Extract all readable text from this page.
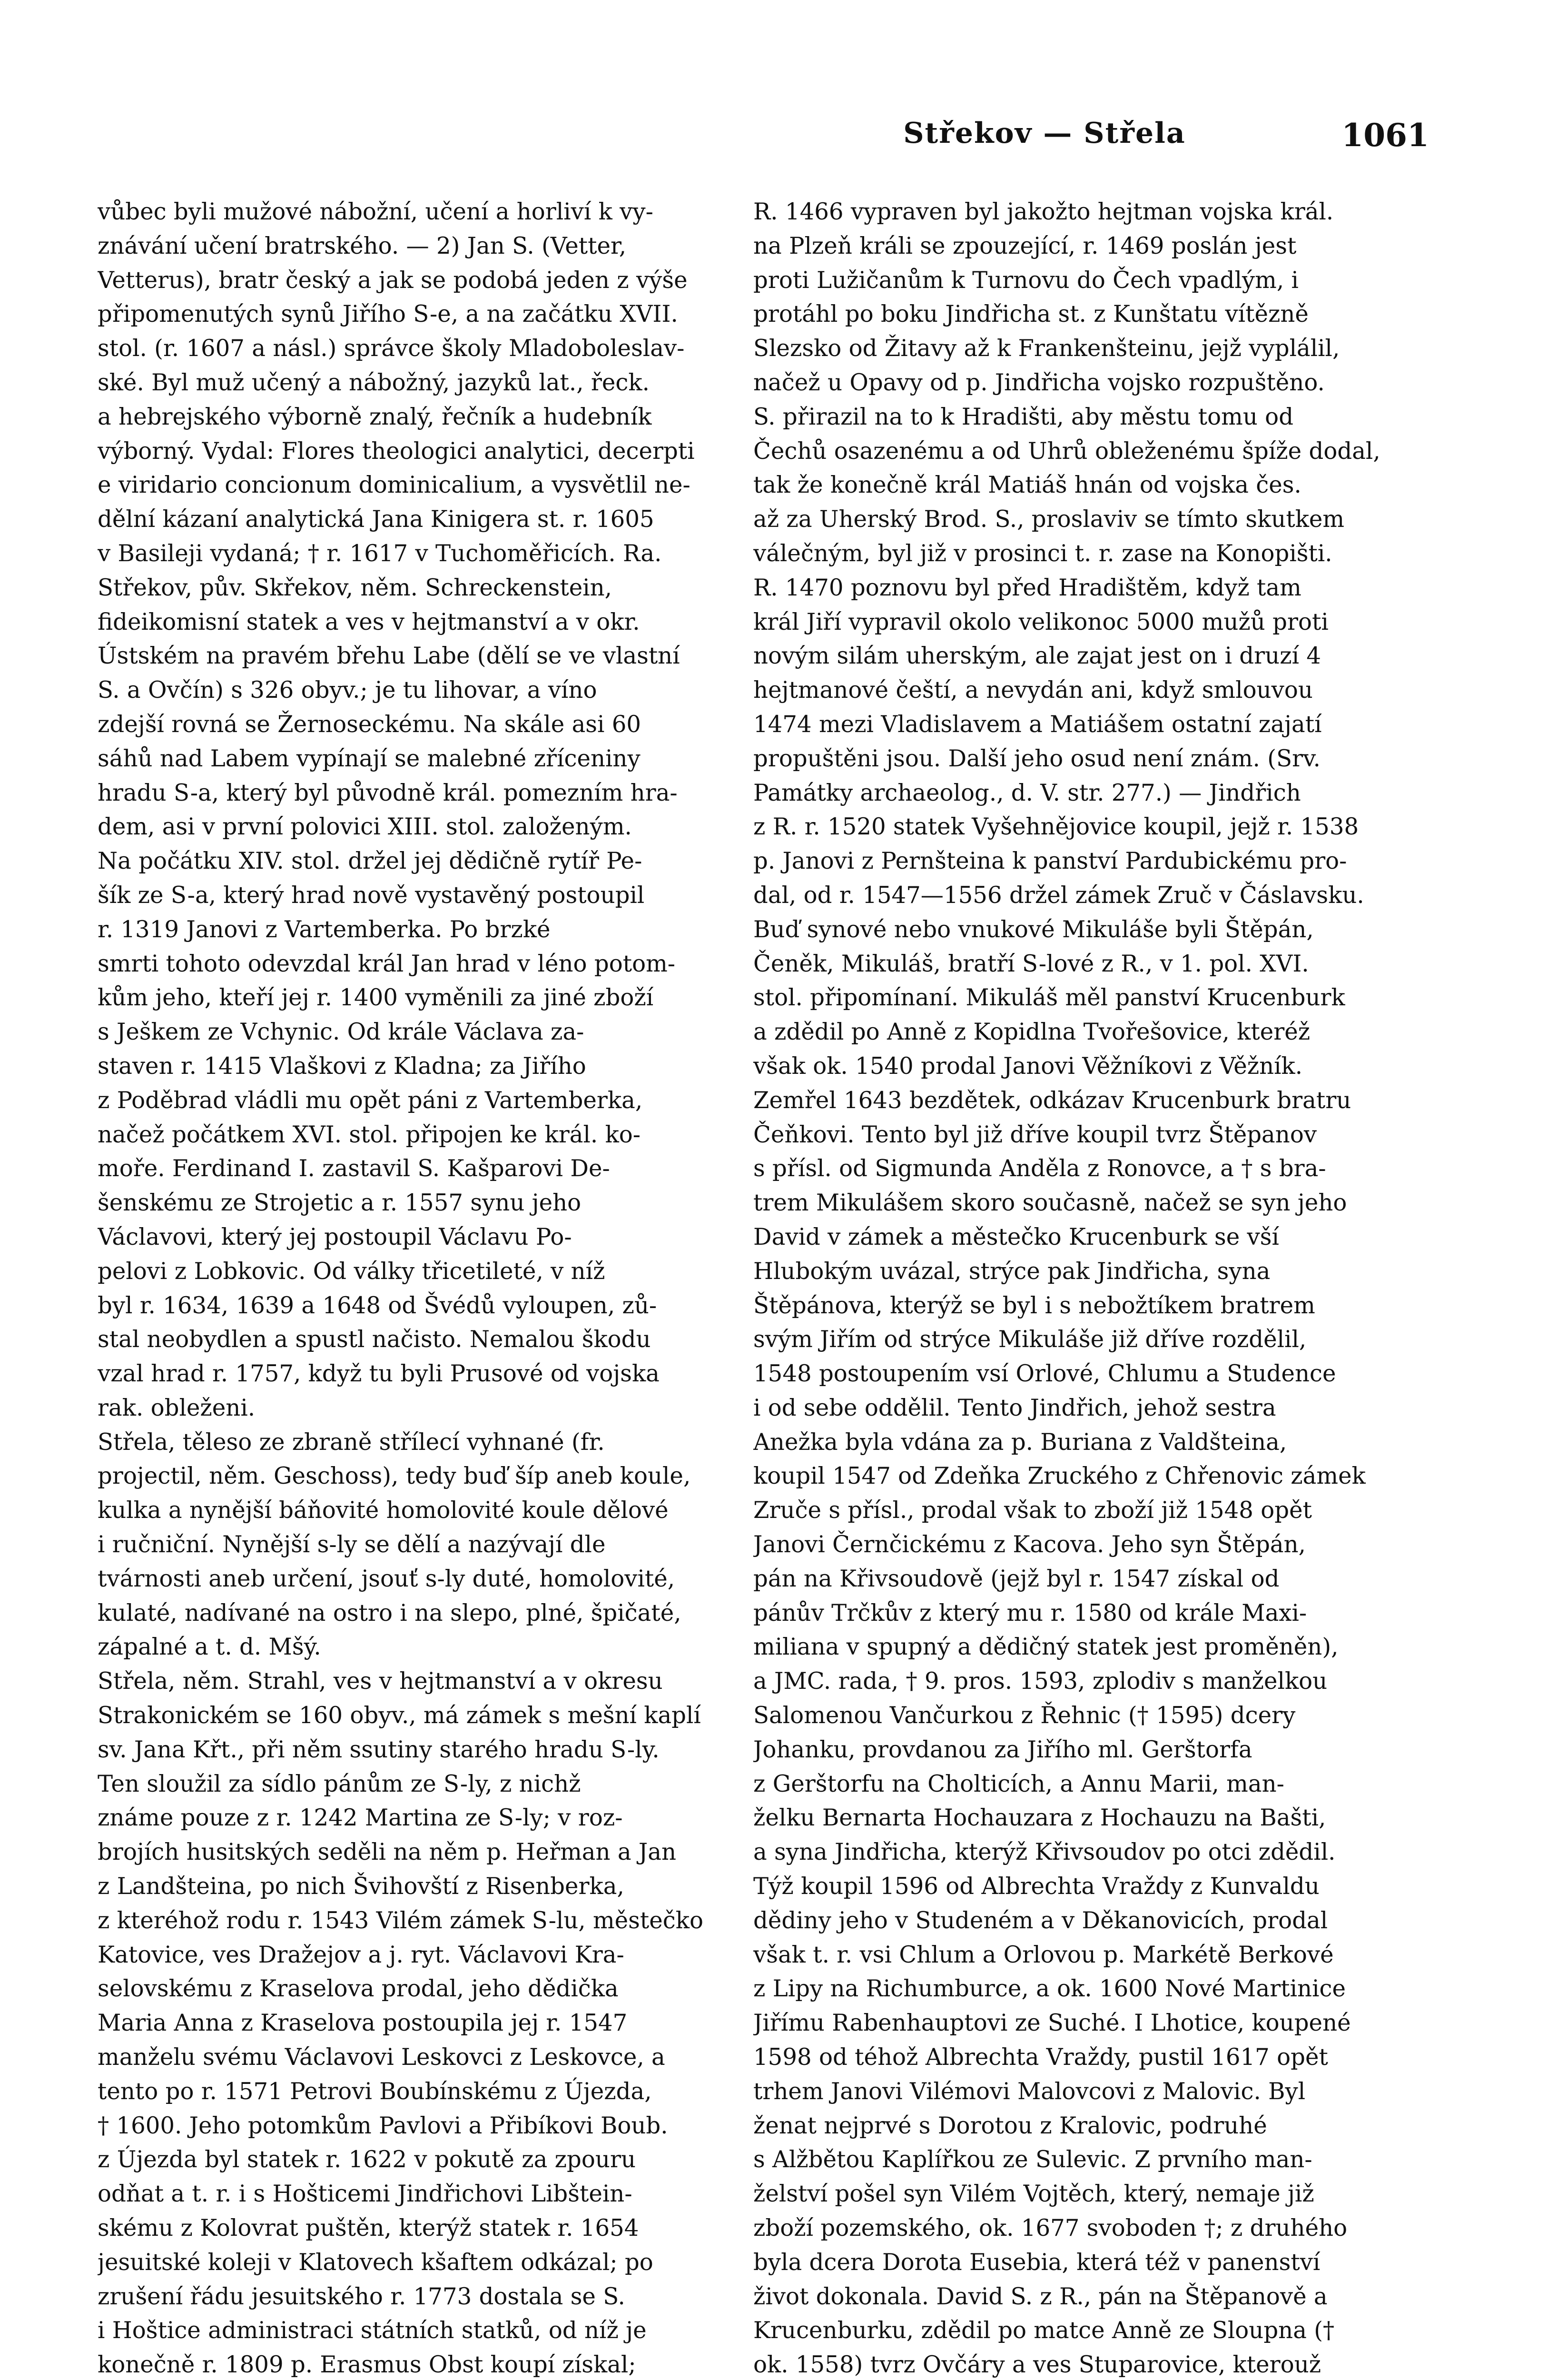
Střekov — Střela	1061
vůbec byli mužové nábožní, učení a horliví k vy-
znávání učení bratrského. — 2) Jan S. (Vetter,
Vetterus), bratr český a jak se podobá jeden z výše
připomenutých synů Jiřího S-e, a na začátku XVII.
stol. (r. 1607 a násl.) správce školy Mladoboleslav-
ské. Byl muž učený a nábožný, jazyků lat., řeck.
a hebrejského výborně znalý, řečník a hudebník
výborný. Vydal: Flores theologici analytici, decerpti
e viridario concionum dominicalium, a vysvětlil ne-
dělní kázaní analytická Jana Kinigera st. r. 1605
v Basileji vydaná; † r. 1617 v Tuchoměřicích. Ra.
Střekov, pův. Skřekov, něm. Schreckenstein,
fideikomisní statek a ves v hejtmanství a v okr.
Ústském na pravém břehu Labe (dělí se ve vlastní
S. a Ovčín) s 326 obyv.; je tu lihovar, a víno
zdejší rovná se Žernoseckému. Na skále asi 60
sáhů nad Labem vypínají se malebné zříceniny
hradu S-a, který byl původně král. pomezním hra-
dem, asi v první polovici XIII. stol. založeným.
Na počátku XIV. stol. držel jej dědičně rytíř Pe-
šík ze S-a, který hrad nově vystavěný postoupil
r. 1319 Janovi z Vartemberka. Po brzké
smrti tohoto odevzdal král Jan hrad v léno potom-
kům jeho, kteří jej r. 1400 vyměnili za jiné zboží
s Ješkem ze Vchynic. Od krále Václava za-
staven r. 1415 Vlaškovi z Kladna; za Jiřího
z Poděbrad vládli mu opět páni z Vartemberka,
načež počátkem XVI. stol. připojen ke král. ko-
moře. Ferdinand I. zastavil S. Kašparovi De-
šenskému ze Strojetic a r. 1557 synu jeho
Václavovi, který jej postoupil Václavu Po-
pelovi z Lobkovic. Od války třicetileté, v níž
byl r. 1634, 1639 a 1648 od Švédů vyloupen, zů-
stal neobydlen a spustl načisto. Nemalou škodu
vzal hrad r. 1757, když tu byli Prusové od vojska
rak. obleženi.
Střela, těleso ze zbraně střílecí vyhnané (fr.
projectil, něm. Geschoss), tedy buď šíp aneb koule,
kulka a nynější báňovité homolovité koule dělové
i ručniční. Nynější s-ly se dělí a nazývají dle
tvárnosti aneb určení, jsouť s-ly duté, homolovité,
kulaté, nadívané na ostro i na slepo, plné, špičaté,
zápalné a t. d. Mšý.
Střela, něm. Strahl, ves v hejtmanství a v okresu
Strakonickém se 160 obyv., má zámek s mešní kaplí
sv. Jana Křt., při něm ssutiny starého hradu S-ly.
Ten sloužil za sídlo pánům ze S-ly, z nichž
známe pouze z r. 1242 Martina ze S-ly; v roz-
brojích husitských seděli na něm p. Heřman a Jan
z Landšteina, po nich Švihovští z Risenberka,
z kteréhož rodu r. 1543 Vilém zámek S-lu, městečko
Katovice, ves Dražejov a j. ryt. Václavovi Kra-
selovskému z Kraselova prodal, jeho dědička
Maria Anna z Kraselova postoupila jej r. 1547
manželu svému Václavovi Leskovci z Leskovce, a
tento po r. 1571 Petrovi Boubínskému z Újezda,
† 1600. Jeho potomkům Pavlovi a Přibíkovi Boub.
z Újezda byl statek r. 1622 v pokutě za zpouru
odňat a t. r. i s Hošticemi Jindřichovi Libštein-
skému z Kolovrat puštěn, kterýž statek r. 1654
jesuitské koleji v Klatovech kšaftem odkázal; po
zrušení řádu jesuitského r. 1773 dostala se S.
i Hoštice administraci státních statků, od níž je
konečně r. 1809 p. Erasmus Obst koupí získal;
R. 1466 vypraven byl jakožto hejtman vojska král.
na Plzeň králi se zpouzející, r. 1469 poslán jest
proti Lužičanům k Turnovu do Čech vpadlým, i
protáhl po boku Jindřicha st. z Kunštatu vítězně
Slezsko od Žitavy až k Frankenšteinu, jejž vyplálil,
načež u Opavy od p. Jindřicha vojsko rozpuštěno.
S. přirazil na to k Hradišti, aby městu tomu od
Čechů osazenému a od Uhrů obleženému špíže dodal,
tak že konečně král Matiáš hnán od vojska čes.
až za Uherský Brod. S., proslaviv se tímto skutkem
válečným, byl již v prosinci t. r. zase na Konopišti.
R. 1470 poznovu byl před Hradištěm, když tam
král Jiří vypravil okolo velikonoc 5000 mužů proti
novým silám uherským, ale zajat jest on i druzí 4
hejtmanové čeští, a nevydán ani, když smlouvou
1474 mezi Vladislavem a Matiášem ostatní zajatí
propuštěni jsou. Další jeho osud není znám. (Srv.
Památky archaeolog., d. V. str. 277.) — Jindřich
z R. r. 1520 statek Vyšehnějovice koupil, jejž r. 1538
p. Janovi z Pernšteina k panství Pardubickému pro-
dal, od r. 1547—1556 držel zámek Zruč v Čáslavsku.
Buď synové nebo vnukové Mikuláše byli Štěpán,
Čeněk, Mikuláš, bratří S-lové z R., v 1. pol. XVI.
stol. připomínaní. Mikuláš měl panství Krucenburk
a zdědil po Anně z Kopidlna Tvořešovice, kteréž
však ok. 1540 prodal Janovi Věžníkovi z Věžník.
Zemřel 1643 bezdětek, odkázav Krucenburk bratru
Čeňkovi. Tento byl již dříve koupil tvrz Štěpanov
s přísl. od Sigmunda Anděla z Ronovce, a † s bra-
trem Mikulášem skoro současně, načež se syn jeho
David v zámek a městečko Krucenburk se vší
Hlubokým uvázal, strýce pak Jindřicha, syna
Štěpánova, kterýž se byl i s nebožtíkem bratrem
svým Jiřím od strýce Mikuláše již dříve rozdělil,
1548 postoupením vsí Orlové, Chlumu a Studence
i od sebe oddělil. Tento Jindřich, jehož sestra
Anežka byla vdána za p. Buriana z Valdšteina,
koupil 1547 od Zdeňka Zruckého z Chřenovic zámek
Zruče s přísl., prodal však to zboží již 1548 opět
Janovi Černčickému z Kacova. Jeho syn Štěpán,
pán na Křivsoudově (jejž byl r. 1547 získal od
pánův Trčkův z který mu r. 1580 od krále Maxi-
miliana v spupný a dědičný statek jest proměněn),
a JMC. rada, † 9. pros. 1593, zplodiv s manželkou
Salomenou Vančurkou z Řehnic († 1595) dcery
Johanku, provdanou za Jiřího ml. Gerštorfa
z Gerštorfu na Cholticích, a Annu Marii, man-
želku Bernarta Hochauzara z Hochauzu na Bašti,
a syna Jindřicha, kterýž Křivsoudov po otci zdědil.
Týž koupil 1596 od Albrechta Vraždy z Kunvaldu
dědiny jeho v Studeném a v Děkanovicích, prodal
však t. r. vsi Chlum a Orlovou p. Markétě Berkové
z Lipy na Richumburce, a ok. 1600 Nové Martinice
Jiřímu Rabenhauptovi ze Suché. I Lhotice, koupené
1598 od téhož Albrechta Vraždy, pustil 1617 opět
trhem Janovi Vilémovi Malovcovi z Malovic. Byl
ženat nejprvé s Dorotou z Kralovic, podruhé
s Alžbětou Kaplířkou ze Sulevic. Z prvního man-
želství pošel syn Vilém Vojtěch, který, nemaje již
zboží pozemského, ok. 1677 svoboden †; z druhého
byla dcera Dorota Eusebia, která též v panenství
život dokonala. David S. z R., pán na Štěpanově a
Krucenburku, zdědil po matce Anně ze Sloupna (†
ok. 1558) tvrz Ovčáry a ves Stuparovice, kterouž
